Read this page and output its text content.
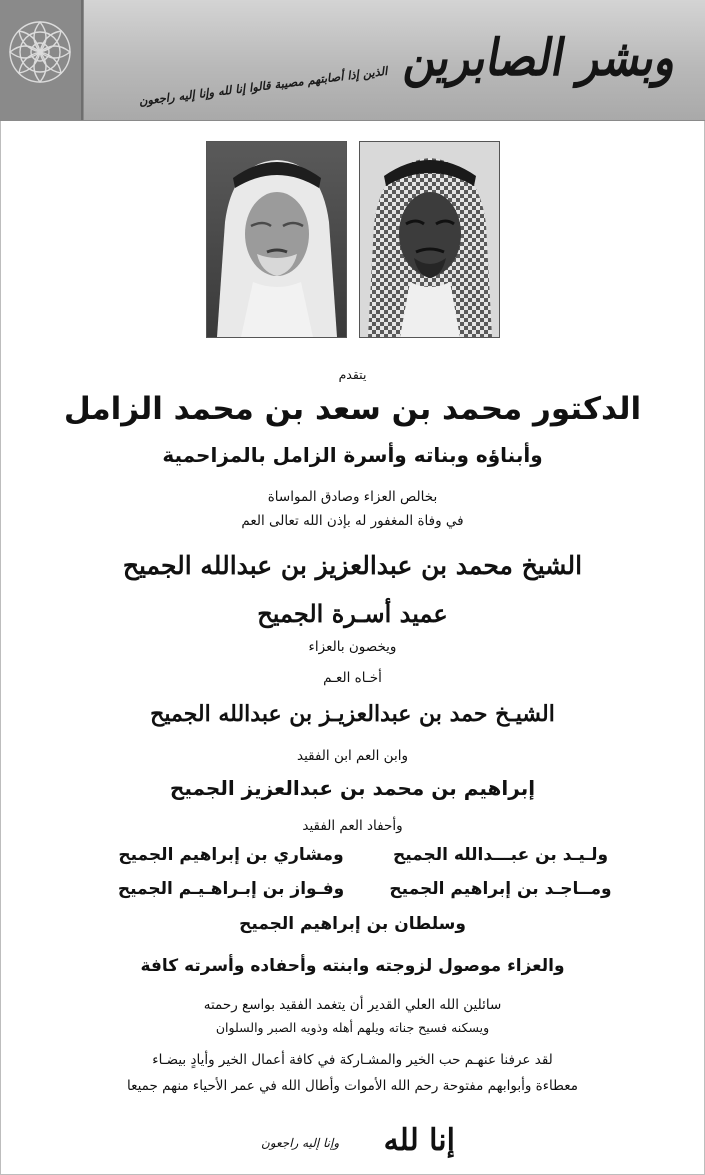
وبشر الصابرين
الذين إذا أصابتهم مصيبة قالوا إنا لله وإنا إليه راجعون
يتقدم
الدكتور محمد بن سعد بن محمد الزامل
وأبناؤه وبناته وأسرة الزامل بالمزاحمية
بخالص العزاء وصادق المواساة
في وفاة المغفور له بإذن الله تعالى العم
الشيخ محمد بن عبدالعزيز بن عبدالله الجميح
عميد أسـرة الجميح
ويخصون بالعزاء
أخـاه العـم
الشيـخ حمد بن عبدالعزيـز بن عبدالله الجميح
وابن العم ابن الفقيد
إبراهيم بن محمد بن عبدالعزيز الجميح
وأحفاد العم الفقيد
ولـيـد بن عبـــدالله الجميح
ومشاري بن إبراهيم الجميح
ومــاجـد بن إبراهيم الجميح
وفـواز بن إبـراهـيـم الجميح
وسلطان بن إبراهيم الجميح
والعزاء موصول لزوجته وابنته وأحفاده وأسرته كافة
سائلين الله العلي القدير أن يتغمد الفقيد بواسع رحمته
ويسكنه فسيح جناته ويلهم أهله وذويه الصبر والسلوان
لقد عرفنا عنهـم حب الخير والمشـاركة في كافة أعمال الخير وأيادٍ بيضـاء
معطاءة وأبوابهم مفتوحة رحم الله الأموات وأطال الله في عمر الأحياء منهم جميعا
إنا لله
وإنا إليه راجعون
